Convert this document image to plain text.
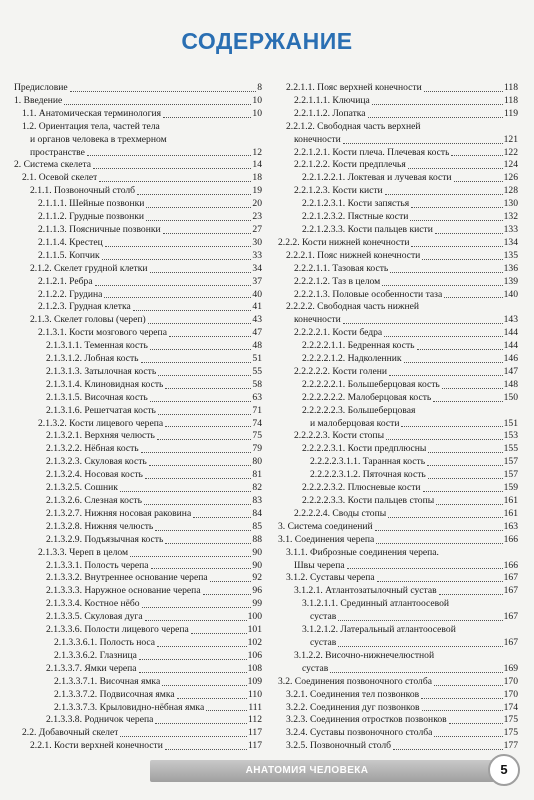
СОДЕРЖАНИЕ
Предисловие	8
1. Введение	10
1.1. Анатомическая терминология	10
1.2. Ориентация тела, частей тела
и органов человека в трехмерном
пространстве	12
2. Система скелета	14
2.1. Осевой скелет	18
2.1.1. Позвоночный столб	19
2.1.1.1. Шейные позвонки	20
2.1.1.2. Грудные позвонки	23
2.1.1.3. Поясничные позвонки	27
2.1.1.4. Крестец	30
2.1.1.5. Копчик	33
2.1.2. Скелет грудной клетки	34
2.1.2.1. Ребра	37
2.1.2.2. Грудина	40
2.1.2.3. Грудная клетка	41
2.1.3. Скелет головы (череп)	43
2.1.3.1. Кости мозгового черепа	47
2.1.3.1.1. Теменная кость	48
2.1.3.1.2. Лобная кость	51
2.1.3.1.3. Затылочная кость	55
2.1.3.1.4. Клиновидная кость	58
2.1.3.1.5. Височная кость	63
2.1.3.1.6. Решетчатая кость	71
2.1.3.2. Кости лицевого черепа	74
2.1.3.2.1. Верхняя челюсть	75
2.1.3.2.2. Нёбная кость	79
2.1.3.2.3. Скуловая кость	80
2.1.3.2.4. Носовая кость	81
2.1.3.2.5. Сошник	82
2.1.3.2.6. Слезная кость	83
2.1.3.2.7. Нижняя носовая раковина	84
2.1.3.2.8. Нижняя челюсть	85
2.1.3.2.9. Подъязычная кость	88
2.1.3.3. Череп в целом	90
2.1.3.3.1. Полость черепа	90
2.1.3.3.2. Внутреннее основание черепа	92
2.1.3.3.3. Наружное основание черепа	96
2.1.3.3.4. Костное нёбо	99
2.1.3.3.5. Скуловая дуга	100
2.1.3.3.6. Полости лицевого черепа	101
2.1.3.3.6.1. Полость носа	102
2.1.3.3.6.2. Глазница	106
2.1.3.3.7. Ямки черепа	108
2.1.3.3.7.1. Височная ямка	109
2.1.3.3.7.2. Подвисочная ямка	110
2.1.3.3.7.3. Крыловидно-нёбная ямка	111
2.1.3.3.8. Родничок черепа	112
2.2. Добавочный скелет	117
2.2.1. Кости верхней конечности	117
2.2.1.1. Пояс верхней конечности	118
2.2.1.1.1. Ключица	118
2.2.1.1.2. Лопатка	119
2.2.1.2. Свободная часть верхней
конечности	121
2.2.1.2.1. Кости плеча. Плечевая кость	122
2.2.1.2.2. Кости предплечья	124
2.2.1.2.2.1. Локтевая и лучевая кости	126
2.2.1.2.3. Кости кисти	128
2.2.1.2.3.1. Кости запястья	130
2.2.1.2.3.2. Пястные кости	132
2.2.1.2.3.3. Кости пальцев кисти	133
2.2.2. Кости нижней конечности	134
2.2.2.1. Пояс нижней конечности	135
2.2.2.1.1. Тазовая кость	136
2.2.2.1.2. Таз в целом	139
2.2.2.1.3. Половые особенности таза	140
2.2.2.2. Свободная часть нижней
конечности	143
2.2.2.2.1. Кости бедра	144
2.2.2.2.1.1. Бедренная кость	144
2.2.2.2.1.2. Надколенник	146
2.2.2.2.2. Кости голени	147
2.2.2.2.2.1. Большеберцовая кость	148
2.2.2.2.2.2. Малоберцовая кость	150
2.2.2.2.2.3. Большеберцовая
и малоберцовая кости	151
2.2.2.2.3. Кости стопы	153
2.2.2.2.3.1. Кости предплюсны	155
2.2.2.2.3.1.1. Таранная кость	157
2.2.2.2.3.1.2. Пяточная кость	157
2.2.2.2.3.2. Плюсневые кости	159
2.2.2.2.3.3. Кости пальцев стопы	161
2.2.2.2.4. Своды стопы	161
3. Система соединений	163
3.1. Соединения черепа	166
3.1.1. Фиброзные соединения черепа.
Швы черепа	166
3.1.2. Суставы черепа	167
3.1.2.1. Атлантозатылочный сустав	167
3.1.2.1.1. Срединный атлантоосевой
сустав	167
3.1.2.1.2. Латеральный атлантоосевой
сустав	167
3.1.2.2. Височно-нижнечелюстной
сустав	169
3.2. Соединения позвоночного столба	170
3.2.1. Соединения тел позвонков	170
3.2.2. Соединения дуг позвонков	174
3.2.3. Соединения отростков позвонков	175
3.2.4. Суставы позвоночного столба	175
3.2.5. Позвоночный столб	177
АНАТОМИЯ ЧЕЛОВЕКА	5
